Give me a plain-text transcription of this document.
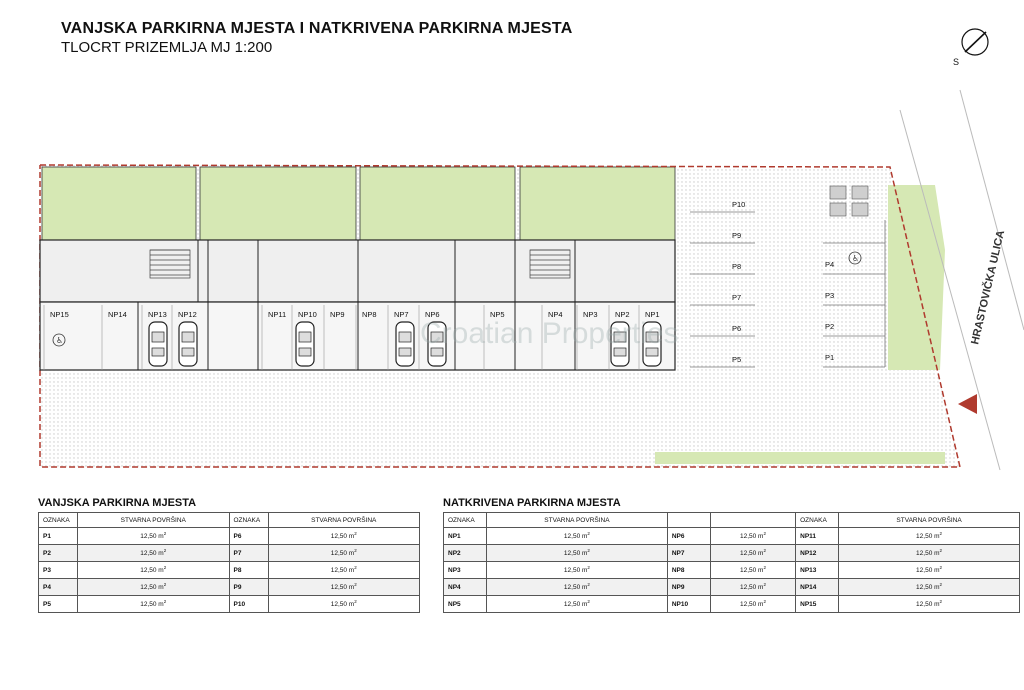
VANJSKA PARKIRNA MJESTA I NATKRIVENA PARKIRNA MJESTA
TLOCRT PRIZEMLJA MJ 1:200
S
NP15	NP14	NP13 NP12	NP11 NP10 NP9 NP8 NP7 NP6	NP5	NP4	NP3 NP2 NP1
P10
P9
P8
P7
P6
P5
P4
P3
P2
P1
♿
♿	HRASTOVIČKA ULICA
Croatian Properties
VANJSKA PARKIRNA MJESTA
OZNAKA	STVARNA POVRŠINA	OZNAKA	STVARNA POVRŠINA
P1	12,50 $m^2$	P6	12,50 $m^2$
P2	12,50 $m^2$	P7	12,50 $m^2$
P3	12,50 $m^2$	P8	12,50 $m^2$
P4	12,50 $m^2$	P9	12,50 $m^2$
P5	12,50 $m^2$	P10	12,50 $m^2$
NATKRIVENA PARKIRNA MJESTA
OZNAKA	STVARNA POVRŠINA			OZNAKA	STVARNA POVRŠINA
NP1	12,50 $m^2$	NP6	12,50 $m^2$	NP11	12,50 $m^2$
NP2	12,50 $m^2$	NP7	12,50 $m^2$	NP12	12,50 $m^2$
NP3	12,50 $m^2$	NP8	12,50 $m^2$	NP13	12,50 $m^2$
NP4	12,50 $m^2$	NP9	12,50 $m^2$	NP14	12,50 $m^2$
NP5	12,50 $m^2$	NP10	12,50 $m^2$	NP15	12,50 $m^2$
